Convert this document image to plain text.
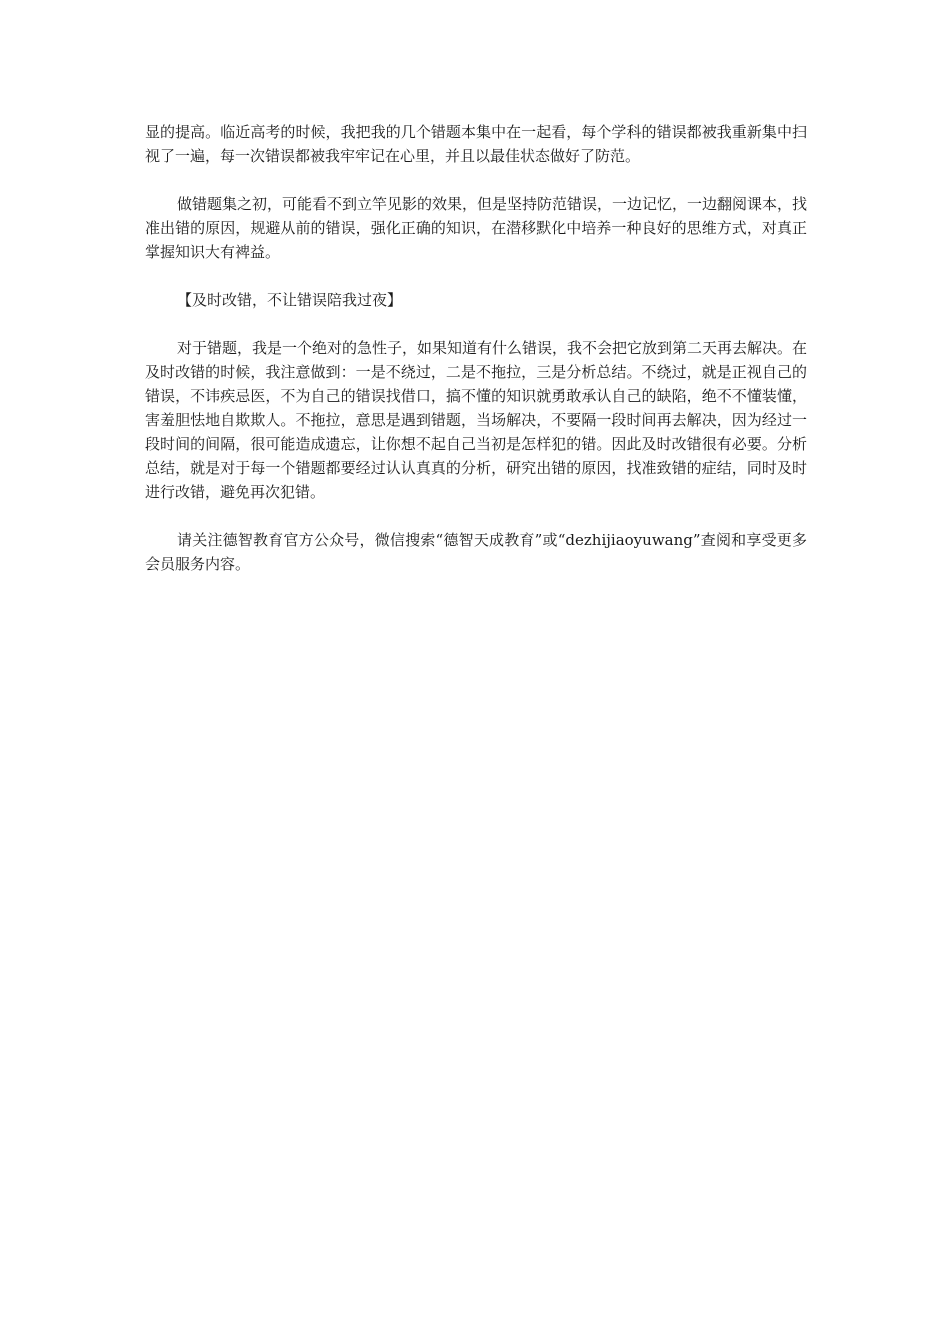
显的提高。临近高考的时候，我把我的几个错题本集中在一起看，每个学科的错误都被我重新集中扫视了一遍，每一次错误都被我牢牢记在心里，并且以最佳状态做好了防范。

做错题集之初，可能看不到立竿见影的效果，但是坚持防范错误，一边记忆，一边翻阅课本，找准出错的原因，规避从前的错误，强化正确的知识，在潜移默化中培养一种良好的思维方式，对真正掌握知识大有裨益。

【及时改错，不让错误陪我过夜】

对于错题，我是一个绝对的急性子，如果知道有什么错误，我不会把它放到第二天再去解决。在及时改错的时候，我注意做到：一是不绕过，二是不拖拉，三是分析总结。不绕过，就是正视自己的错误，不讳疾忌医，不为自己的错误找借口，搞不懂的知识就勇敢承认自己的缺陷，绝不不懂装懂，害羞胆怯地自欺欺人。不拖拉，意思是遇到错题，当场解决，不要隔一段时间再去解决，因为经过一段时间的间隔，很可能造成遗忘，让你想不起自己当初是怎样犯的错。因此及时改错很有必要。分析总结，就是对于每一个错题都要经过认认真真的分析，研究出错的原因，找准致错的症结，同时及时进行改错，避免再次犯错。

请关注德智教育官方公众号，微信搜索“德智天成教育”或“dezhijiaoyuwang”查阅和享受更多会员服务内容。
